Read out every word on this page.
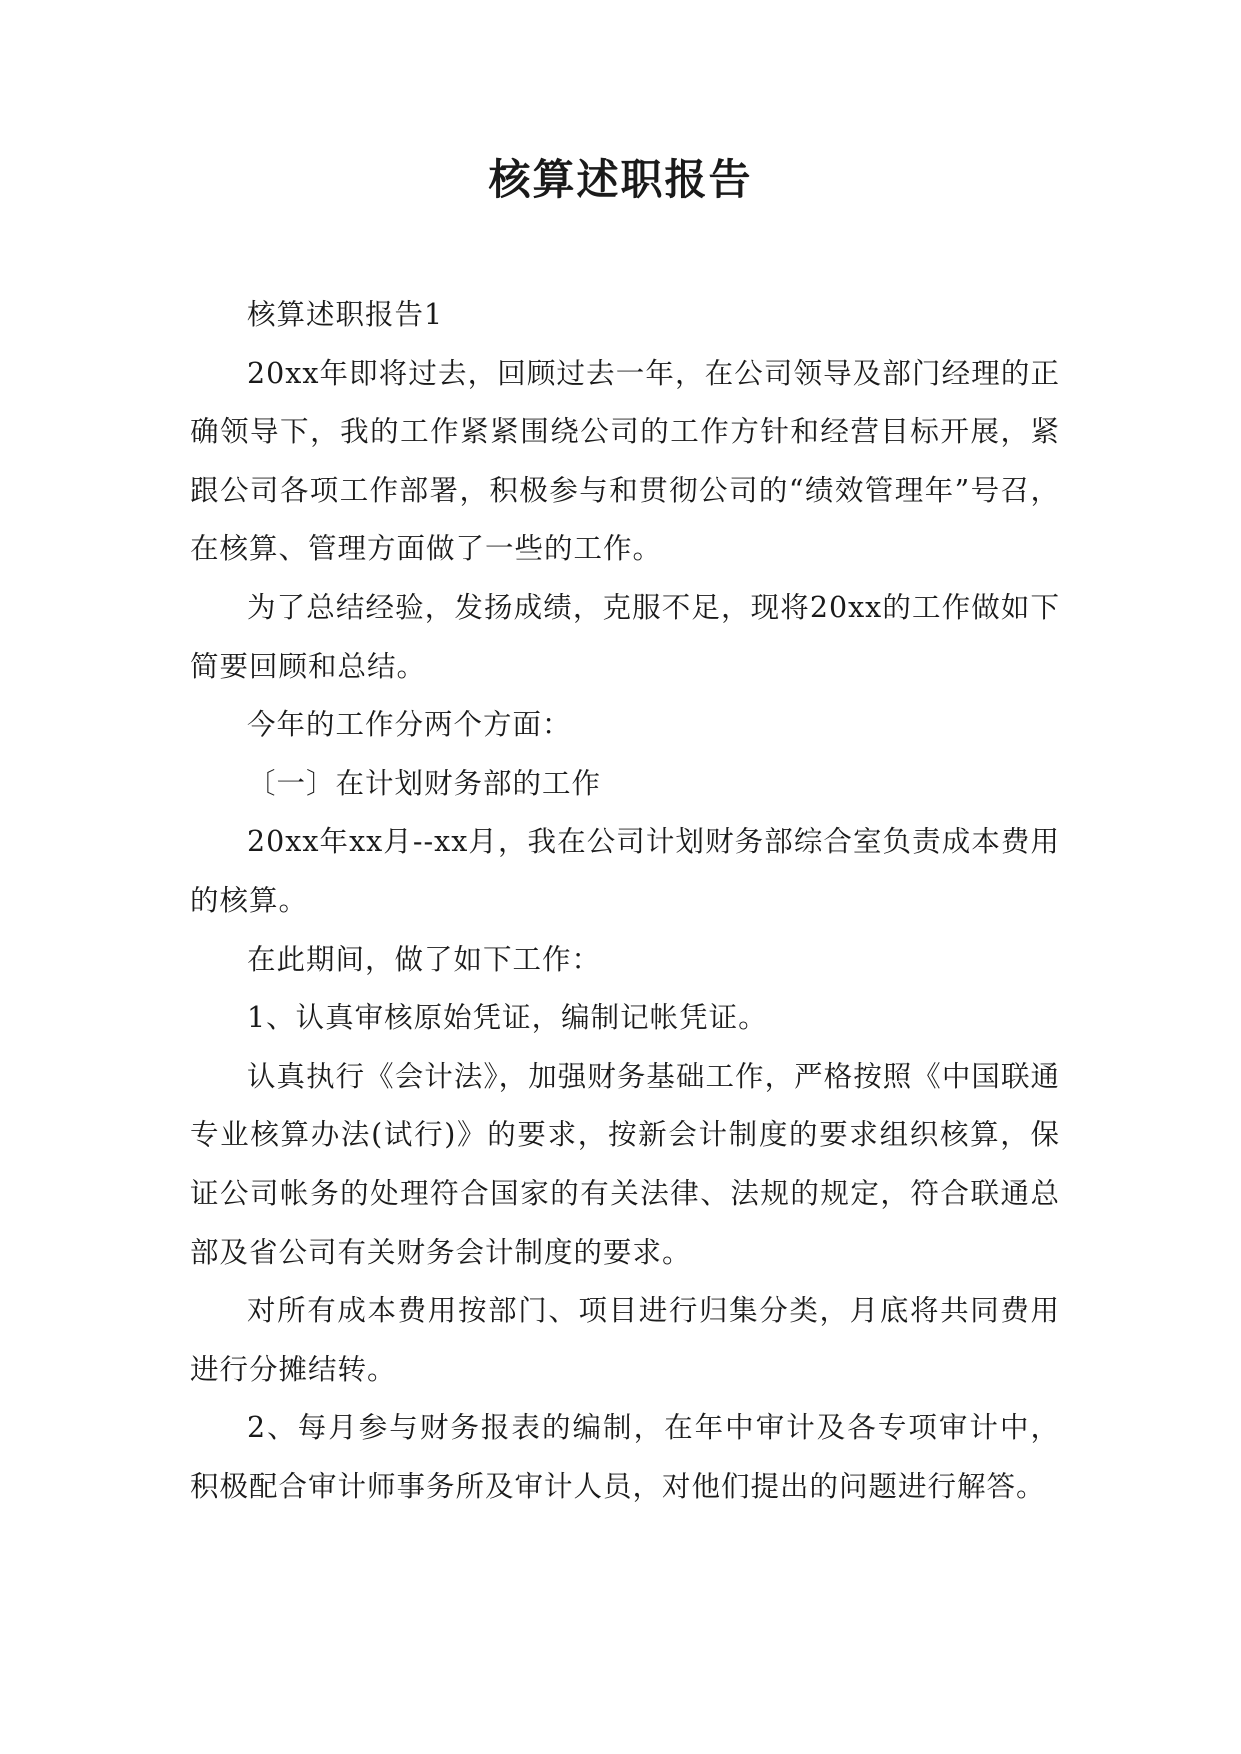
核算述职报告

核算述职报告1

20xx年即将过去，回顾过去一年，在公司领导及部门经理的正确领导下，我的工作紧紧围绕公司的工作方针和经营目标开展，紧跟公司各项工作部署，积极参与和贯彻公司的“绩效管理年”号召，在核算、管理方面做了一些的工作。

为了总结经验，发扬成绩，克服不足，现将20xx的工作做如下简要回顾和总结。

今年的工作分两个方面：

〔一〕在计划财务部的工作

20xx年xx月--xx月，我在公司计划财务部综合室负责成本费用的核算。

在此期间，做了如下工作：

1、认真审核原始凭证，编制记帐凭证。

认真执行《会计法》，加强财务基础工作，严格按照《中国联通专业核算办法(试行)》的要求，按新会计制度的要求组织核算，保证公司帐务的处理符合国家的有关法律、法规的规定，符合联通总部及省公司有关财务会计制度的要求。

对所有成本费用按部门、项目进行归集分类，月底将共同费用进行分摊结转。

2、每月参与财务报表的编制，在年中审计及各专项审计中，积极配合审计师事务所及审计人员，对他们提出的问题进行解答。
